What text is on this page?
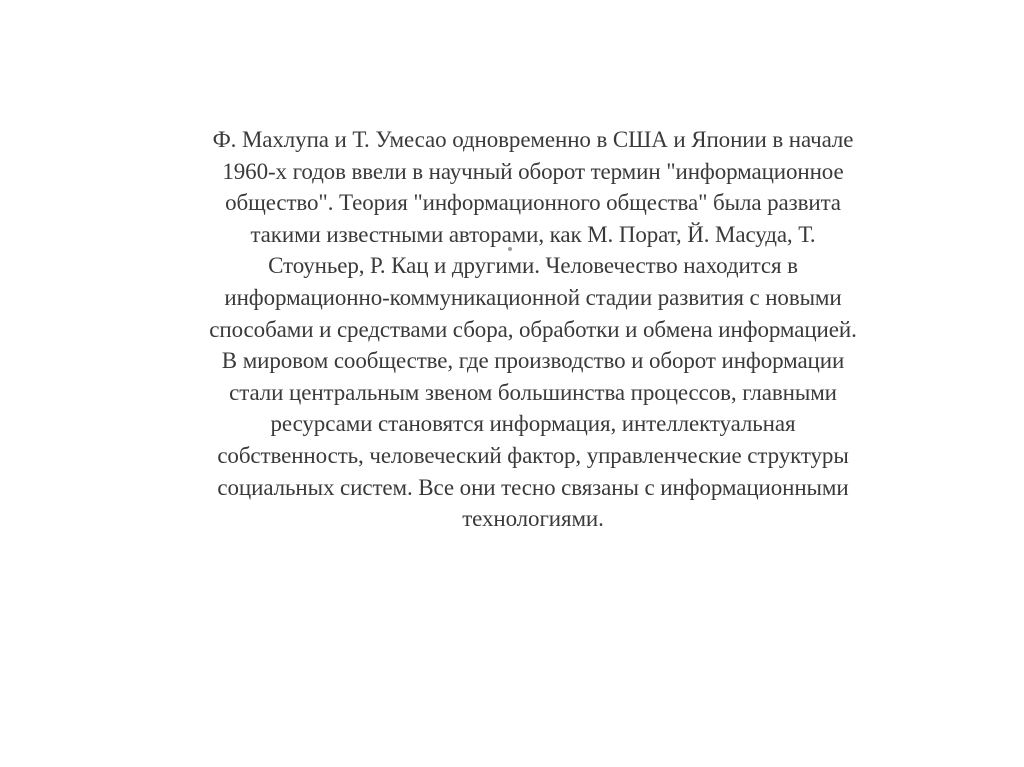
Ф. Махлупа и Т. Умесао одновременно в США и Японии в начале
1960-х годов ввели в научный оборот термин "информационное
общество". Теория "информационного общества" была развита
такими известными авторами, как М. Порат, Й. Масуда, Т.
Стоуньер, Р. Кац и другими. Человечество находится в
информационно-коммуникационной стадии развития с новыми
способами и средствами сбора, обработки и обмена информацией.
В мировом сообществе, где производство и оборот информации
стали центральным звеном большинства процессов, главными
ресурсами становятся информация, интеллектуальная
собственность, человеческий фактор, управленческие структуры
социальных систем. Все они тесно связаны с информационными
технологиями.
